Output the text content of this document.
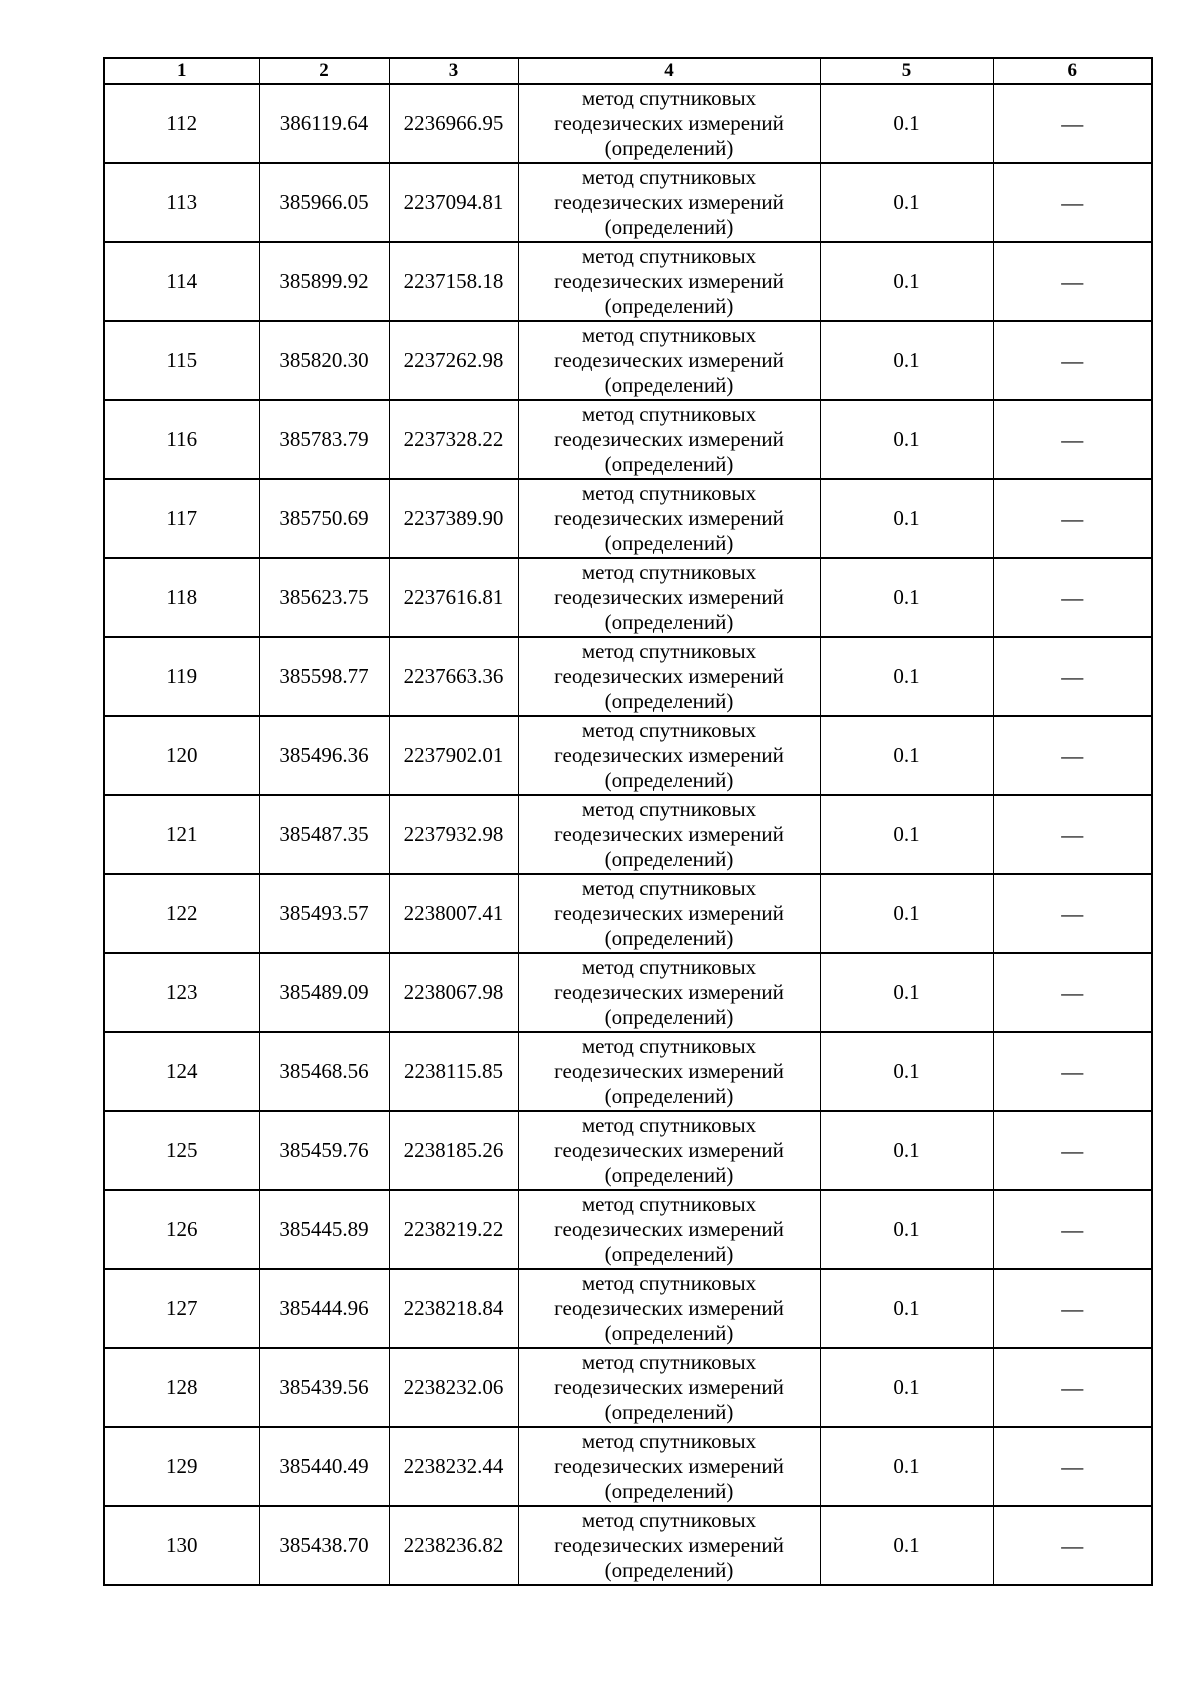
1	2	3	4	5	6
112	386119.64	2236966.95	метод спутниковых геодезических измерений (определений)	0.1	—
113	385966.05	2237094.81	метод спутниковых геодезических измерений (определений)	0.1	—
114	385899.92	2237158.18	метод спутниковых геодезических измерений (определений)	0.1	—
115	385820.30	2237262.98	метод спутниковых геодезических измерений (определений)	0.1	—
116	385783.79	2237328.22	метод спутниковых геодезических измерений (определений)	0.1	—
117	385750.69	2237389.90	метод спутниковых геодезических измерений (определений)	0.1	—
118	385623.75	2237616.81	метод спутниковых геодезических измерений (определений)	0.1	—
119	385598.77	2237663.36	метод спутниковых геодезических измерений (определений)	0.1	—
120	385496.36	2237902.01	метод спутниковых геодезических измерений (определений)	0.1	—
121	385487.35	2237932.98	метод спутниковых геодезических измерений (определений)	0.1	—
122	385493.57	2238007.41	метод спутниковых геодезических измерений (определений)	0.1	—
123	385489.09	2238067.98	метод спутниковых геодезических измерений (определений)	0.1	—
124	385468.56	2238115.85	метод спутниковых геодезических измерений (определений)	0.1	—
125	385459.76	2238185.26	метод спутниковых геодезических измерений (определений)	0.1	—
126	385445.89	2238219.22	метод спутниковых геодезических измерений (определений)	0.1	—
127	385444.96	2238218.84	метод спутниковых геодезических измерений (определений)	0.1	—
128	385439.56	2238232.06	метод спутниковых геодезических измерений (определений)	0.1	—
129	385440.49	2238232.44	метод спутниковых геодезических измерений (определений)	0.1	—
130	385438.70	2238236.82	метод спутниковых геодезических измерений (определений)	0.1	—
